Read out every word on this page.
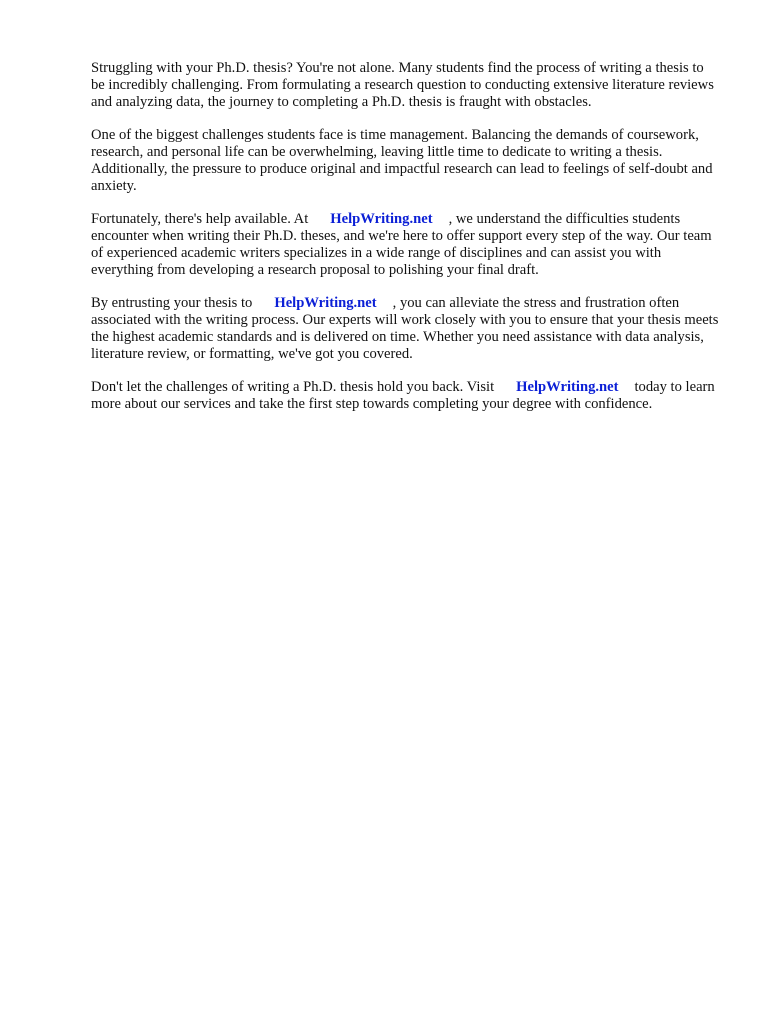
Struggling with your Ph.D. thesis? You're not alone. Many students find the process of writing a thesis to be incredibly challenging. From formulating a research question to conducting extensive literature reviews and analyzing data, the journey to completing a Ph.D. thesis is fraught with obstacles.

One of the biggest challenges students face is time management. Balancing the demands of coursework, research, and personal life can be overwhelming, leaving little time to dedicate to writing a thesis. Additionally, the pressure to produce original and impactful research can lead to feelings of self-doubt and anxiety.

Fortunately, there's help available. At HelpWriting.net , we understand the difficulties students encounter when writing their Ph.D. theses, and we're here to offer support every step of the way. Our team of experienced academic writers specializes in a wide range of disciplines and can assist you with everything from developing a research proposal to polishing your final draft.

By entrusting your thesis to HelpWriting.net , you can alleviate the stress and frustration often associated with the writing process. Our experts will work closely with you to ensure that your thesis meets the highest academic standards and is delivered on time. Whether you need assistance with data analysis, literature review, or formatting, we've got you covered.

Don't let the challenges of writing a Ph.D. thesis hold you back. Visit HelpWriting.net today to learn more about our services and take the first step towards completing your degree with confidence.
